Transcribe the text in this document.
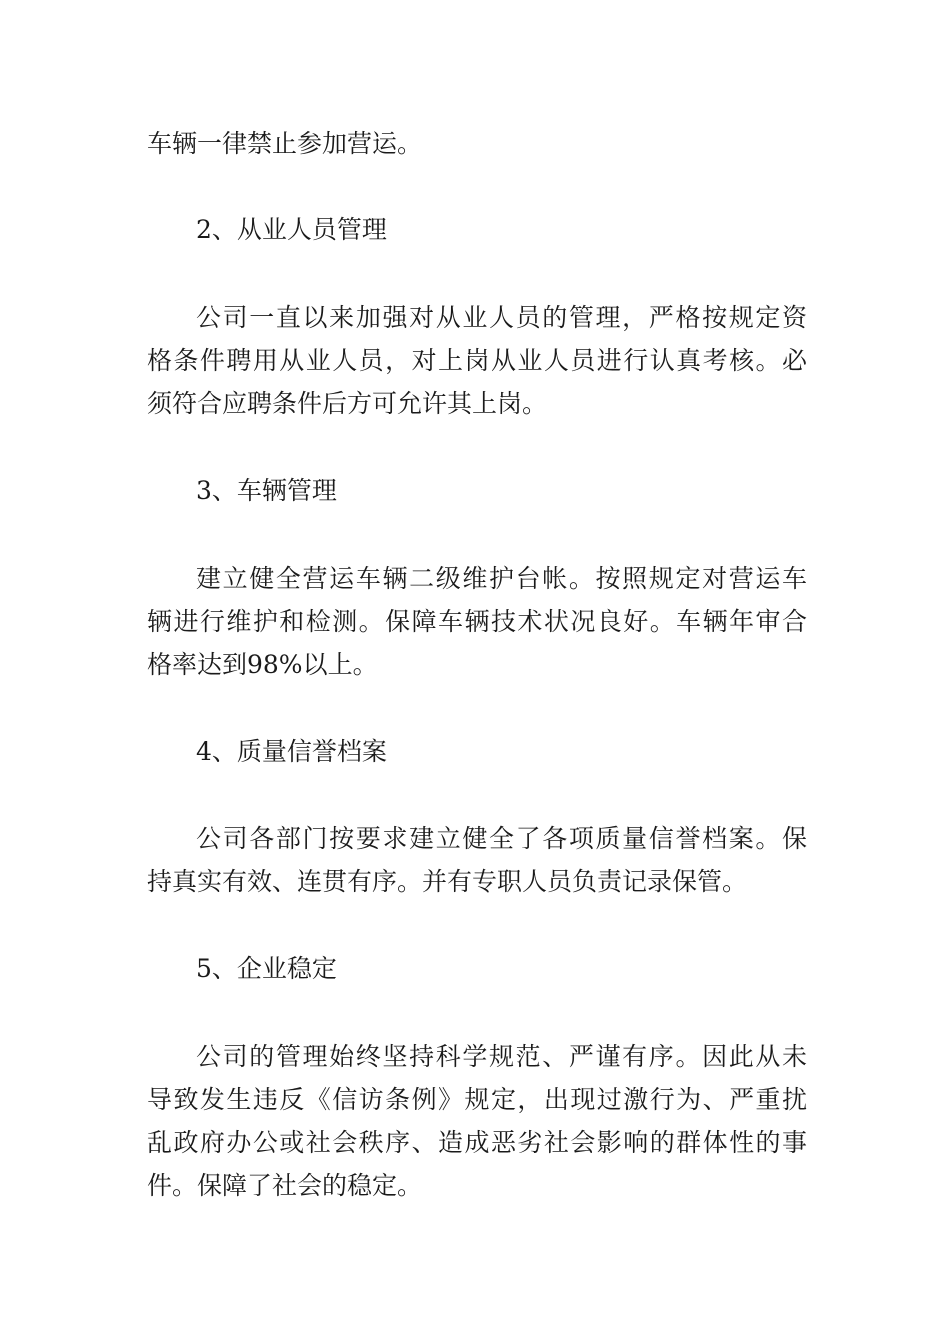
车辆一律禁止参加营运。

2、从业人员管理

公司一直以来加强对从业人员的管理，严格按规定资

格条件聘用从业人员，对上岗从业人员进行认真考核。必

须符合应聘条件后方可允许其上岗。

3、车辆管理

建立健全营运车辆二级维护台帐。按照规定对营运车

辆进行维护和检测。保障车辆技术状况良好。车辆年审合

格率达到98%以上。

4、质量信誉档案

公司各部门按要求建立健全了各项质量信誉档案。保

持真实有效、连贯有序。并有专职人员负责记录保管。

5、企业稳定

公司的管理始终坚持科学规范、严谨有序。因此从未

导致发生违反《信访条例》规定，出现过激行为、严重扰

乱政府办公或社会秩序、造成恶劣社会影响的群体性的事

件。保障了社会的稳定。
